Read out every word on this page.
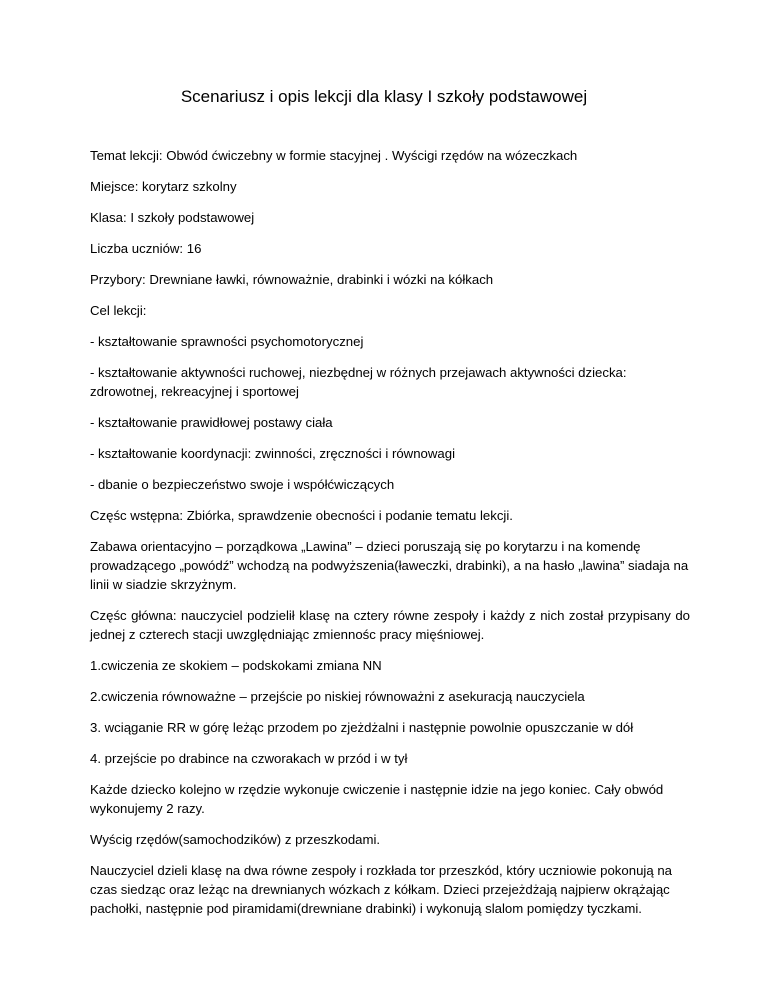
Scenariusz i opis lekcji dla klasy I szkoły podstawowej

Temat lekcji: Obwód ćwiczebny w formie stacyjnej . Wyścigi rzędów na wózeczkach

Miejsce: korytarz szkolny

Klasa: I szkoły podstawowej

Liczba uczniów: 16

Przybory: Drewniane ławki, równoważnie, drabinki i wózki na kółkach

Cel lekcji:

- kształtowanie sprawności psychomotorycznej

- kształtowanie aktywności ruchowej, niezbędnej w różnych przejawach aktywności dziecka: zdrowotnej, rekreacyjnej i sportowej

- kształtowanie prawidłowej postawy ciała

- kształtowanie koordynacji: zwinności, zręczności i równowagi

- dbanie o bezpieczeństwo swoje i współćwiczących

Częśc wstępna: Zbiórka, sprawdzenie obecności i podanie tematu lekcji.

Zabawa orientacyjno – porządkowa „Lawina” – dzieci poruszają się po korytarzu i na komendę prowadzącego „powódź” wchodzą na podwyższenia(ławeczki, drabinki), a na hasło „lawina” siadaja na linii w siadzie skrzyżnym.

Częśc główna: nauczyciel podzielił klasę na cztery równe zespoły i każdy z nich został przypisany do jednej z czterech stacji uwzględniając zmiennośc pracy mięśniowej.

1.cwiczenia ze skokiem – podskokami zmiana NN

2.cwiczenia równoważne – przejście po niskiej równoważni z asekuracją nauczyciela

3. wciąganie RR w górę leżąc przodem po zjeżdżalni i następnie powolnie opuszczanie w dół

4. przejście po drabince na czworakach w przód i w tył

Każde dziecko kolejno w rzędzie wykonuje cwiczenie i następnie idzie na jego koniec. Cały obwód wykonujemy 2 razy.

Wyścig rzędów(samochodzików) z przeszkodami.

Nauczyciel dzieli klasę na dwa równe zespoły i rozkłada tor przeszkód, który uczniowie pokonują na czas siedząc oraz leżąc na drewnianych wózkach z kółkam. Dzieci przejeżdżają najpierw okrążając pachołki, następnie pod piramidami(drewniane drabinki) i wykonują slalom pomiędzy tyczkami.
